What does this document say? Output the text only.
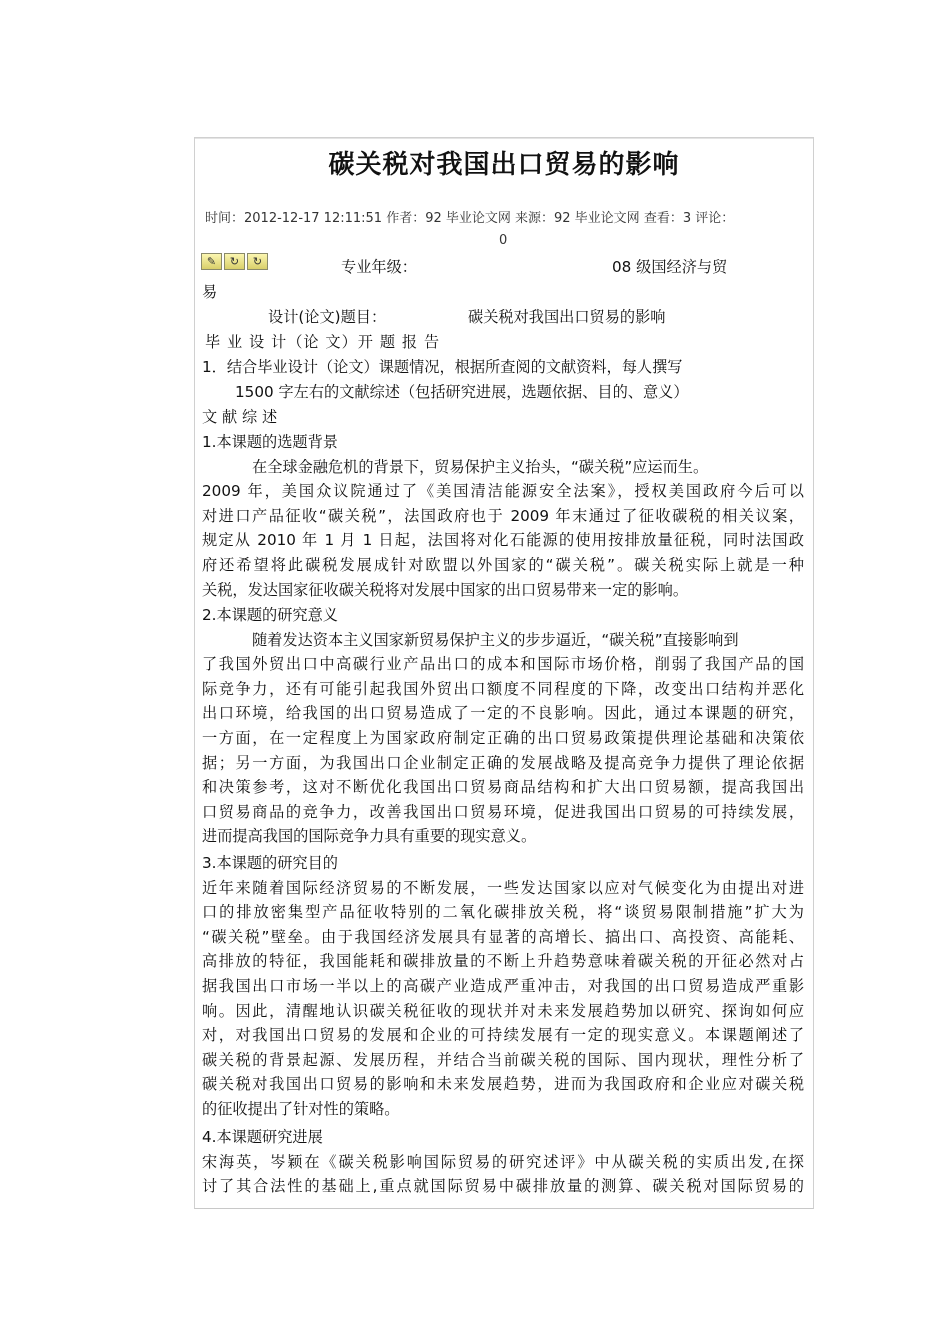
碳关税对我国出口贸易的影响
时间：2012-12-17 12:11:51 作者：92 毕业论文网 来源：92 毕业论文网 查看：3 评论：
0
✎	↻	↻	专业年级：	08 级国经济与贸
易
设计(论文)题目：	碳关税对我国出口贸易的影响
毕 业 设 计（论 文）开 题 报 告
1．结合毕业设计（论文）课题情况，根据所查阅的文献资料，每人撰写
1500 字左右的文献综述（包括研究进展，选题依据、目的、意义）
文 献 综 述
1.本课题的选题背景
在全球金融危机的背景下，贸易保护主义抬头，“碳关税”应运而生。
2009 年，美国众议院通过了《美国清洁能源安全法案》，授权美国政府今后可以
对进口产品征收“碳关税”，法国政府也于 2009 年末通过了征收碳税的相关议案，
规定从 2010 年 1 月 1 日起，法国将对化石能源的使用按排放量征税，同时法国政
府还希望将此碳税发展成针对欧盟以外国家的“碳关税”。碳关税实际上就是一种
关税，发达国家征收碳关税将对发展中国家的出口贸易带来一定的影响。
2.本课题的研究意义
随着发达资本主义国家新贸易保护主义的步步逼近，“碳关税”直接影响到
了我国外贸出口中高碳行业产品出口的成本和国际市场价格，削弱了我国产品的国
际竞争力，还有可能引起我国外贸出口额度不同程度的下降，改变出口结构并恶化
出口环境，给我国的出口贸易造成了一定的不良影响。因此，通过本课题的研究，
一方面，在一定程度上为国家政府制定正确的出口贸易政策提供理论基础和决策依
据；另一方面，为我国出口企业制定正确的发展战略及提高竞争力提供了理论依据
和决策参考，这对不断优化我国出口贸易商品结构和扩大出口贸易额，提高我国出
口贸易商品的竞争力，改善我国出口贸易环境，促进我国出口贸易的可持续发展，
进而提高我国的国际竞争力具有重要的现实意义。
3.本课题的研究目的
近年来随着国际经济贸易的不断发展，一些发达国家以应对气候变化为由提出对进
口的排放密集型产品征收特别的二氧化碳排放关税，将“谈贸易限制措施”扩大为
“碳关税”壁垒。由于我国经济发展具有显著的高增长、搞出口、高投资、高能耗、
高排放的特征，我国能耗和碳排放量的不断上升趋势意味着碳关税的开征必然对占
据我国出口市场一半以上的高碳产业造成严重冲击，对我国的出口贸易造成严重影
响。因此，清醒地认识碳关税征收的现状并对未来发展趋势加以研究、探询如何应
对，对我国出口贸易的发展和企业的可持续发展有一定的现实意义。本课题阐述了
碳关税的背景起源、发展历程，并结合当前碳关税的国际、国内现状，理性分析了
碳关税对我国出口贸易的影响和未来发展趋势，进而为我国政府和企业应对碳关税
的征收提出了针对性的策略。
4.本课题研究进展
宋海英，岑颖在《碳关税影响国际贸易的研究述评》中从碳关税的实质出发,在探
讨了其合法性的基础上,重点就国际贸易中碳排放量的测算、碳关税对国际贸易的
